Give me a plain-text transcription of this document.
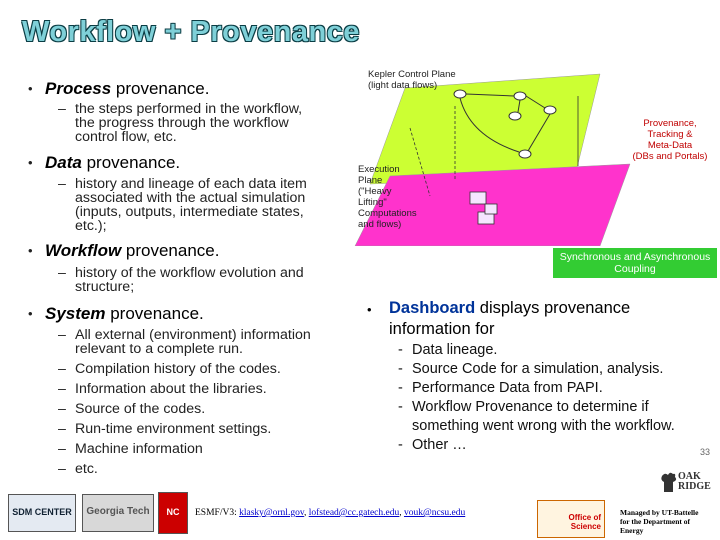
Workflow + Provenance
• Process provenance.
– the steps performed in the workflow,
the progress through the workflow
control flow, etc.
• Data provenance.
– history and lineage of each data item
associated with the actual simulation
(inputs, outputs, intermediate states,
etc.);
• Workflow provenance.
– history of the workflow evolution and
structure;
• System provenance.
– All external (environment) information
relevant to a complete run.
– Compilation history of the codes.
– Information about the libraries.
– Source of the codes.
– Run-time environment settings.
– Machine information
– etc.
Kepler Control Plane
(light data flows)
Execution
Plane
("Heavy
Lifting"
Computations
and flows)
Provenance,
Tracking &
Meta-Data
(DBs and Portals)
Synchronous and Asynchronous
Coupling
• Dashboard displays provenance
information for
- Data lineage.
- Source Code for a simulation, analysis.
- Performance Data from PAPI.
- Workflow Provenance to determine if
something went wrong with the workflow.
- Other …	33
OAK RIDGE
SDM CENTER	Georgia Tech	NC	ESMF/V3: klasky@ornl.gov, lofstead@cc.gatech.edu, vouk@ncsu.edu	Office of Science
Managed by UT-Battelle
for the Department of
Energy
